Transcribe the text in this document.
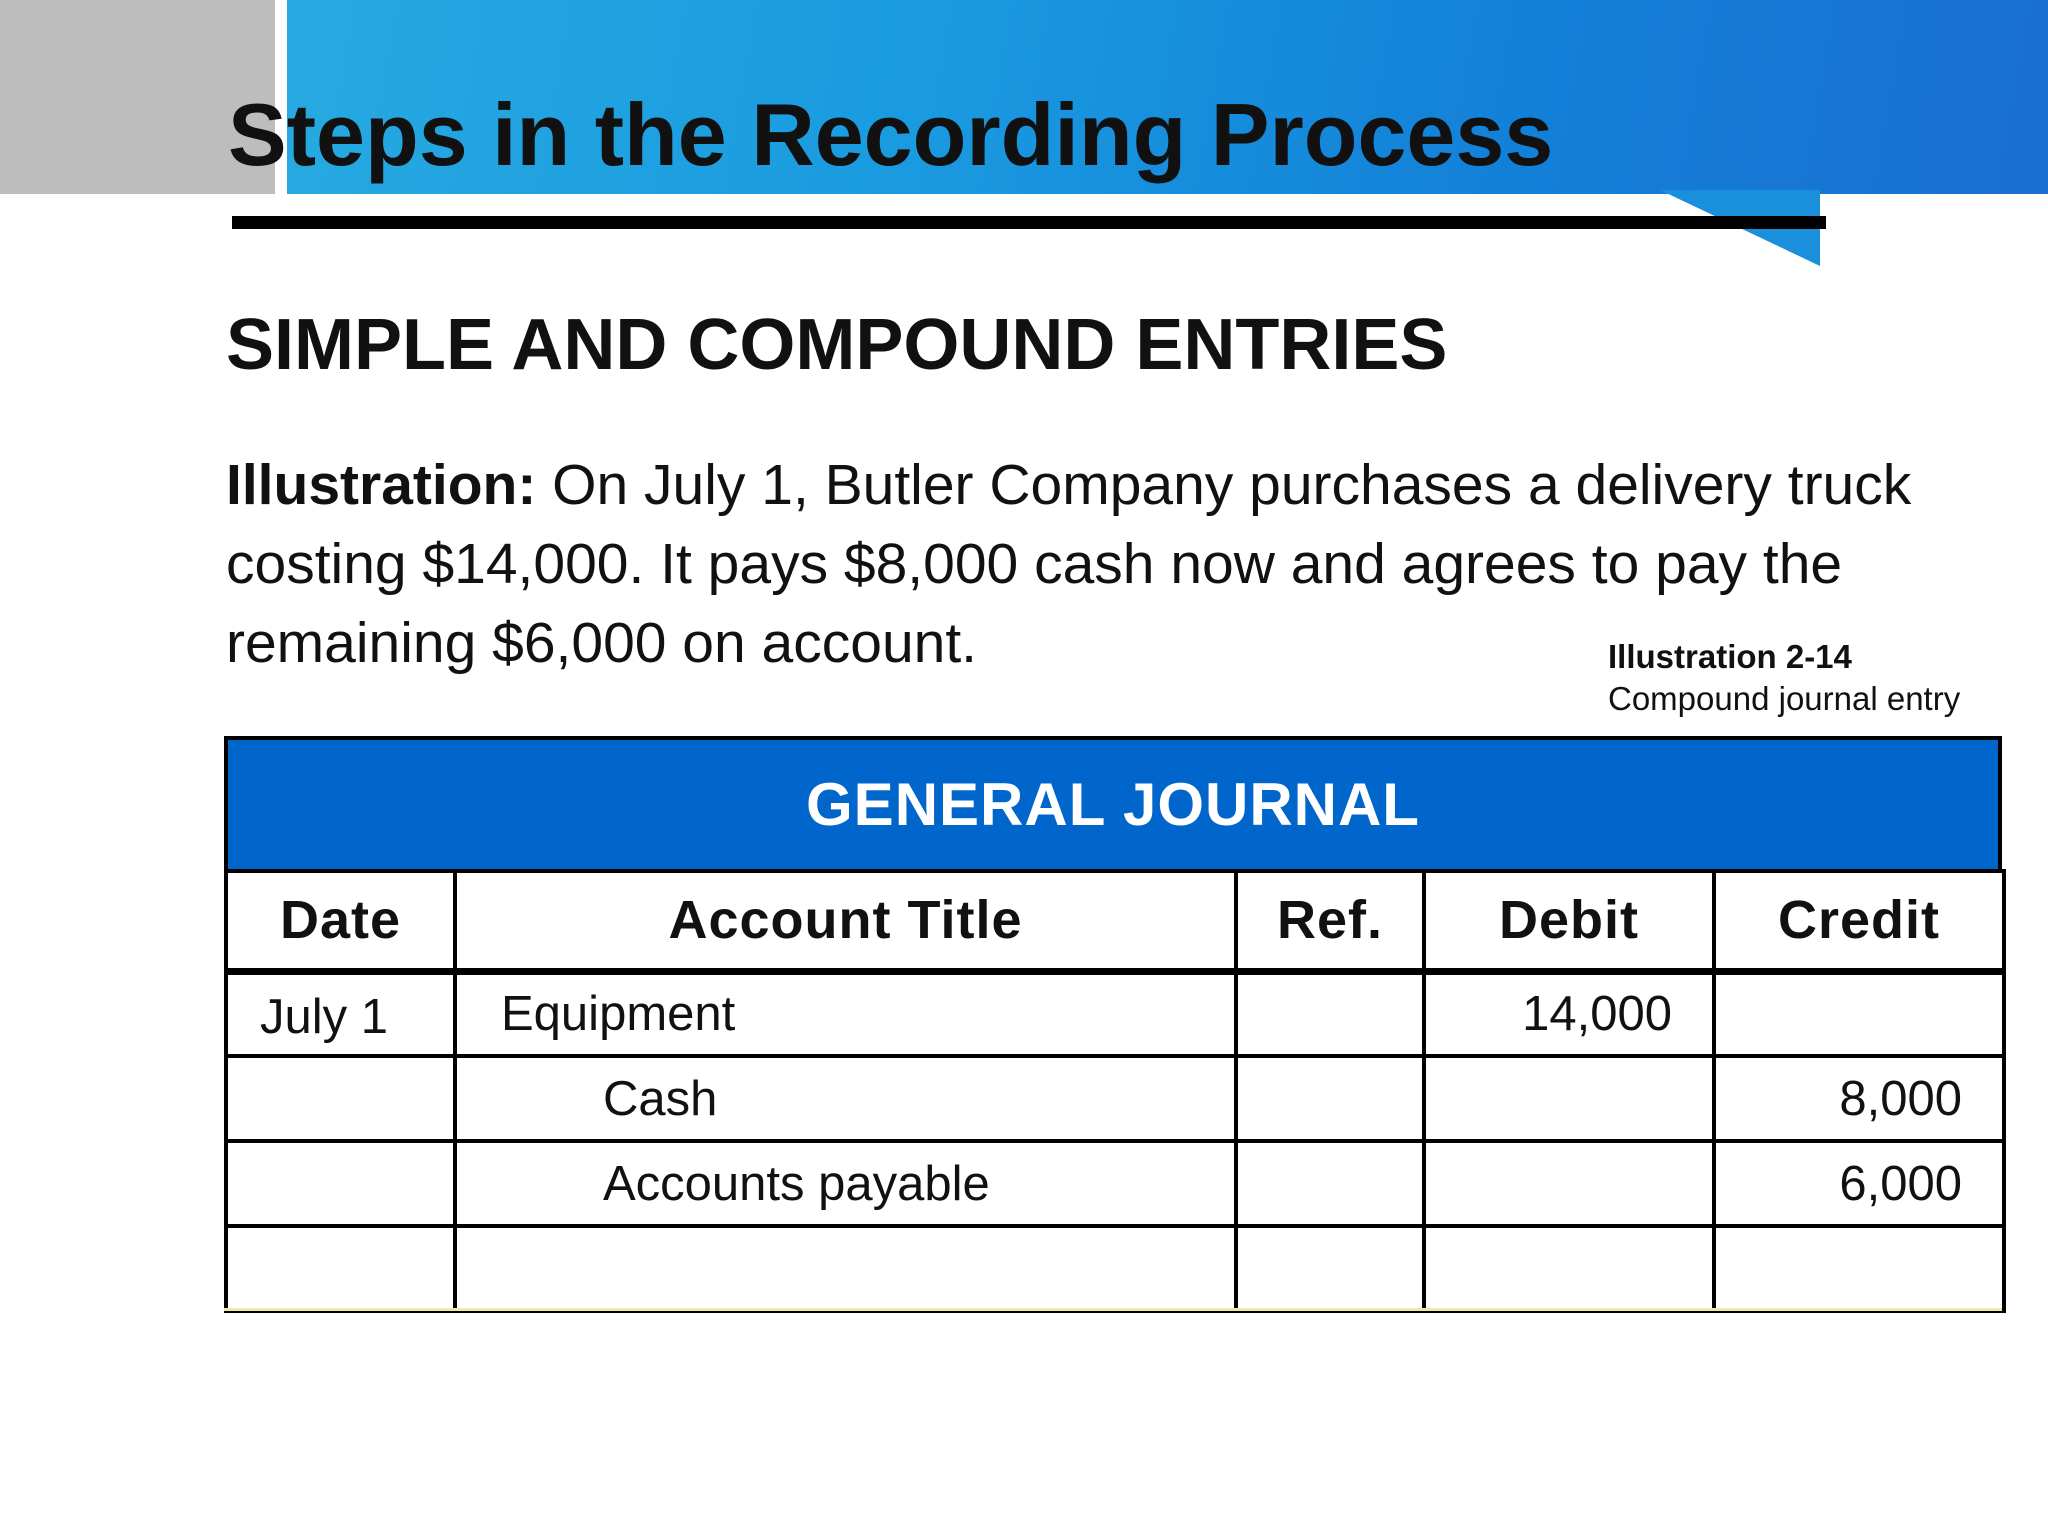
Steps in the Recording Process
SIMPLE AND COMPOUND ENTRIES

Illustration: On July 1, Butler Company purchases a delivery truck costing $14,000. It pays $8,000 cash now and agrees to pay the remaining $6,000 on account.	Illustration 2-14
Compound journal entry
GENERAL JOURNAL
Date	Account Title	Ref.	Debit	Credit
July 1	Equipment		14,000	
	Cash			8,000
	Accounts payable			6,000
